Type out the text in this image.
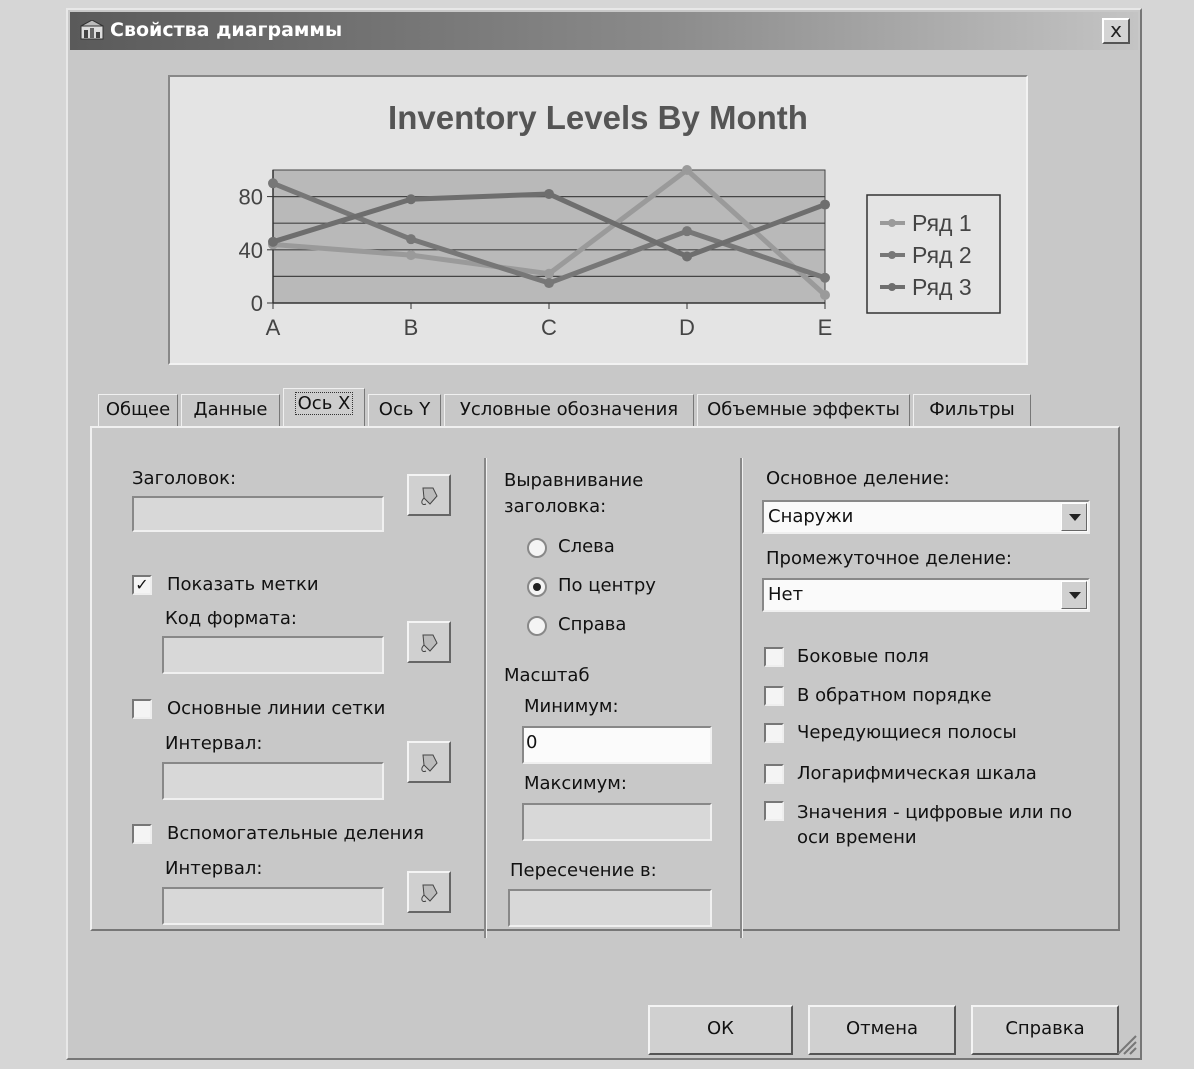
Свойства диаграммы	x
Inventory Levels By Month
0
40
80
A	B	C	D	E
Ряд 1
Ряд 2
Ряд 3
Общее	Данные	Ось X	Ось Y	Условные обозначения	Объемные эффекты	Фильтры
Заголовок:
✓ Показать метки
Код формата:
Основные линии сетки
Интервал:
Вспомогательные деления
Интервал:
Выравнивание заголовка:
Слева
По центру
Справа
Масштаб
Минимум:
0
Максимум:
Пересечение в:
Основное деление:
Снаружи
Промежуточное деление:
Нет
Боковые поля
В обратном порядке
Чередующиеся полосы
Логарифмическая шкала
Значения - цифровые или по оси времени
ОК	Отмена	Справка
